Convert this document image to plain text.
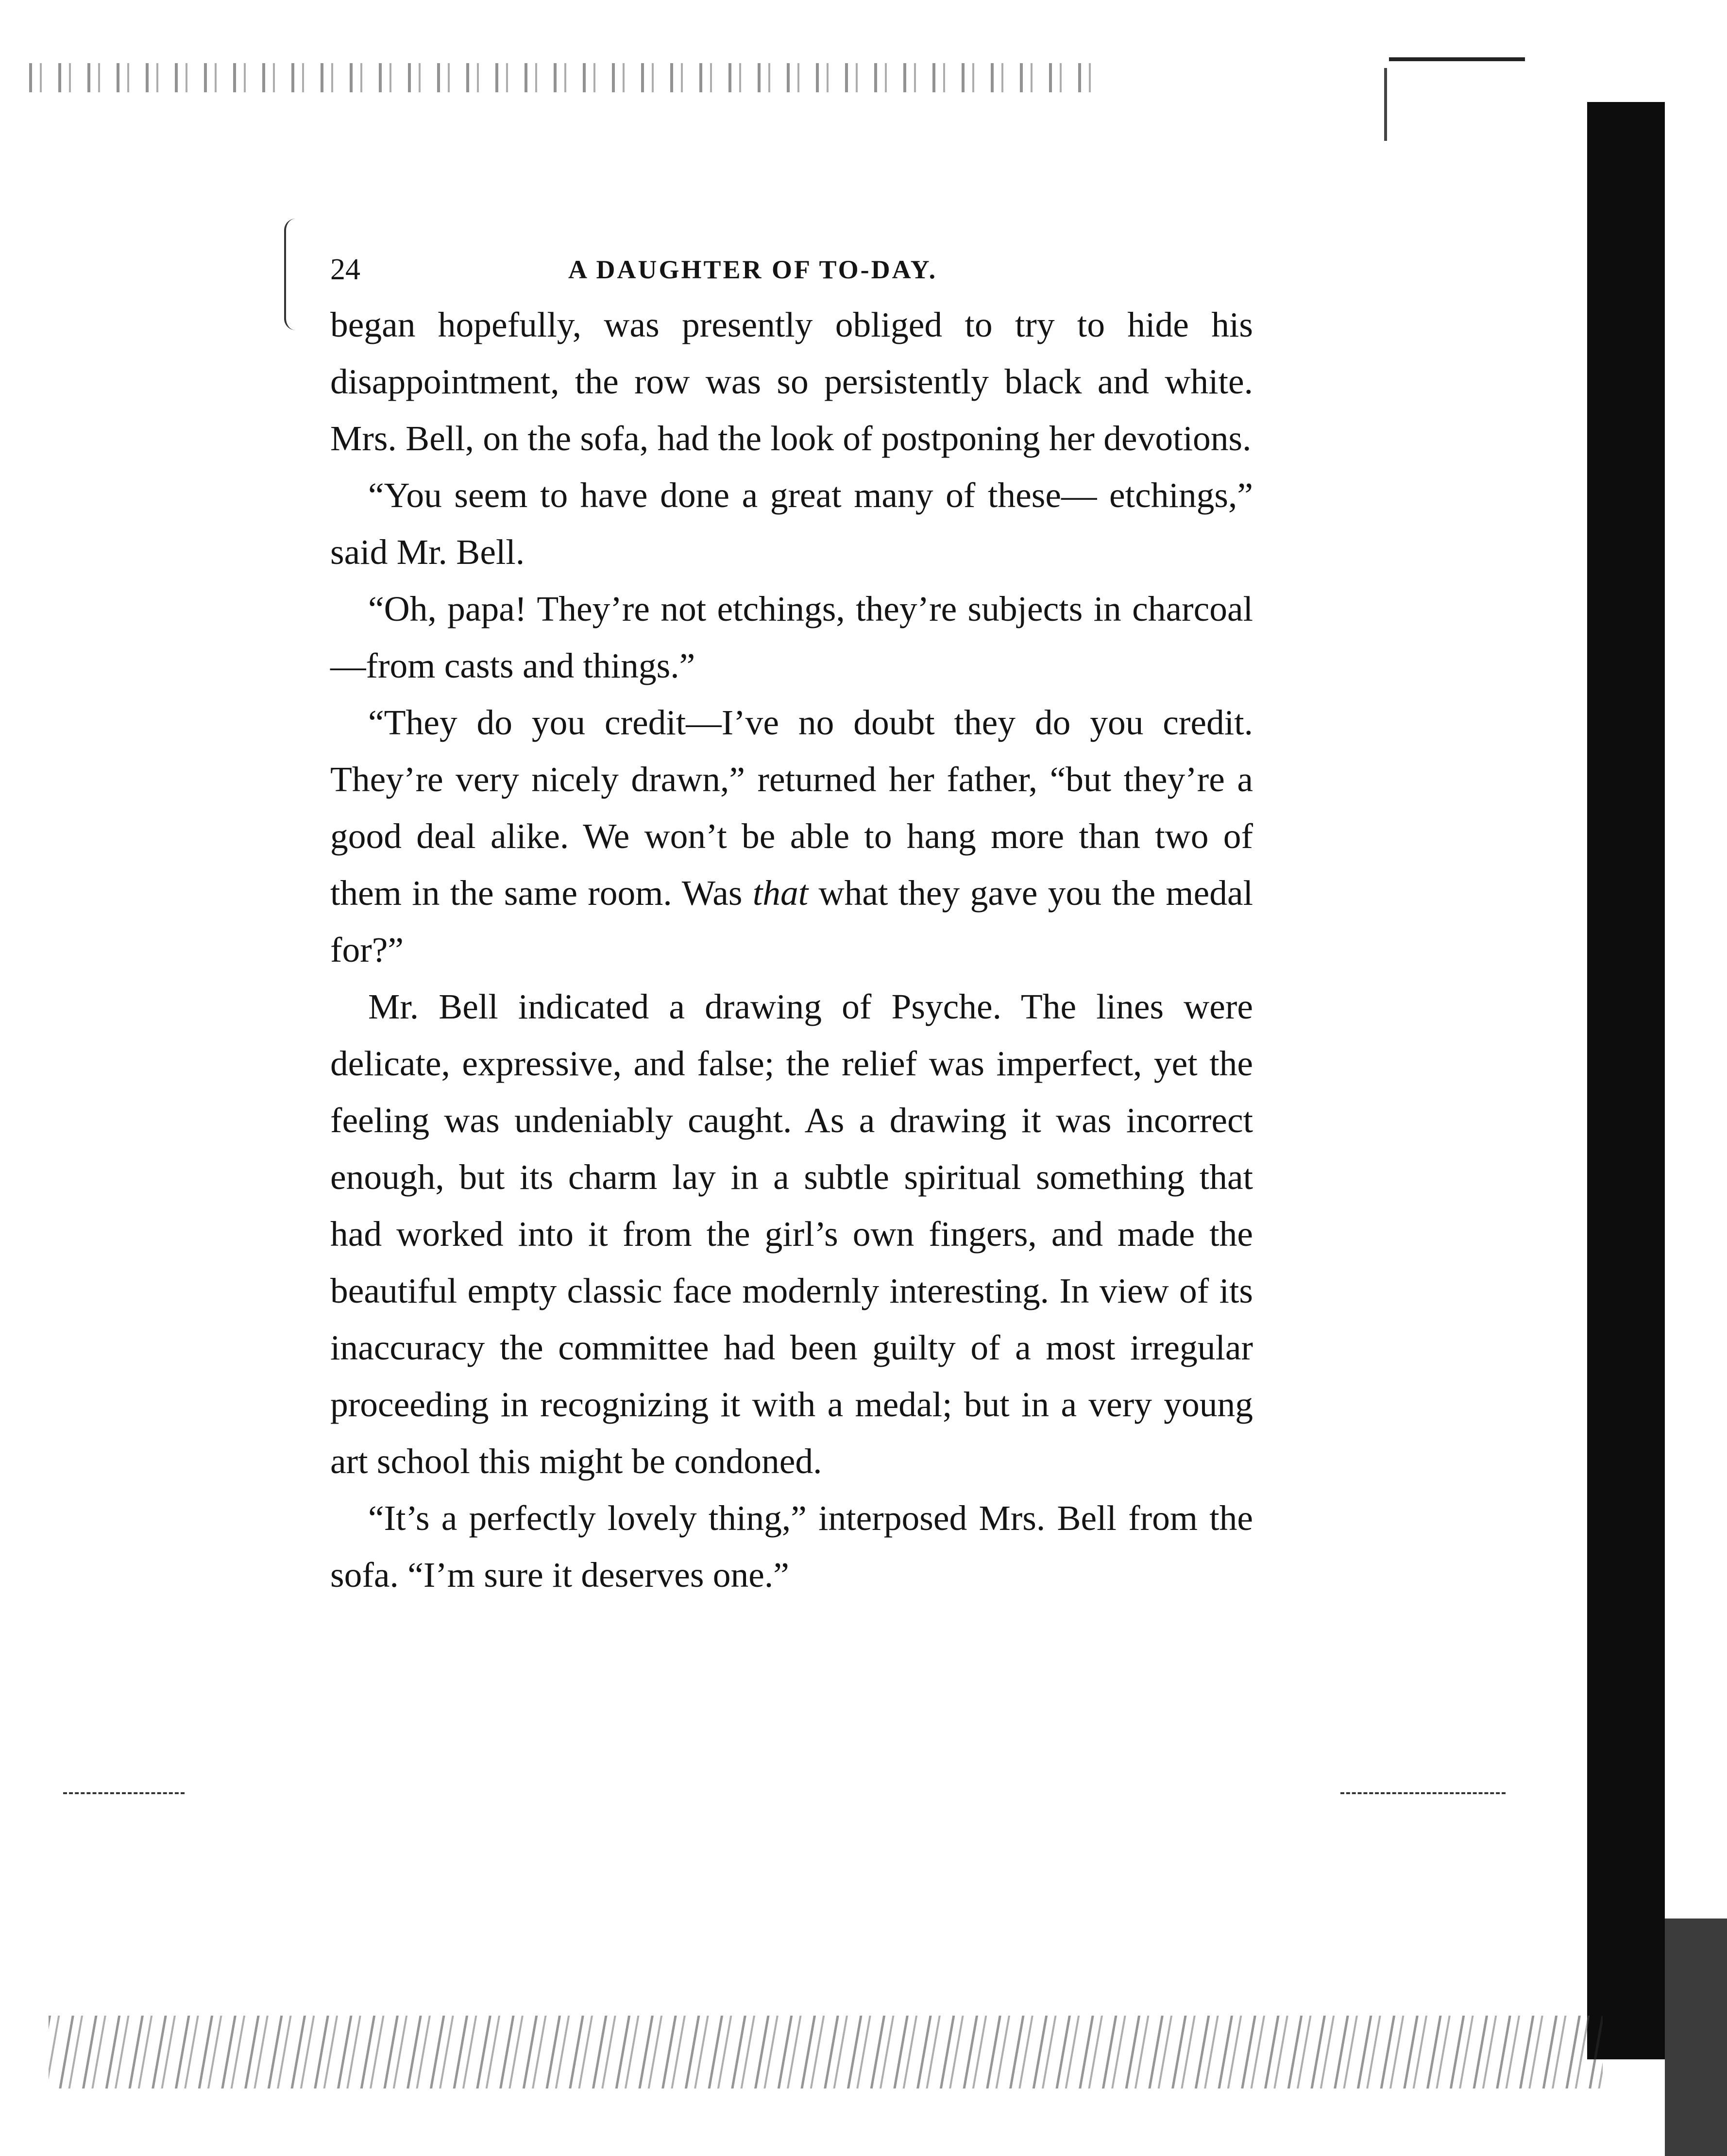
24	A DAUGHTER OF TO-DAY.

began hopefully, was presently obliged to try to hide his disappointment, the row was so persistently black and white. Mrs. Bell, on the sofa, had the look of postponing her devotions.

“You seem to have done a great many of these— etchings,” said Mr. Bell.

“Oh, papa! They’re not etchings, they’re subjects in charcoal—from casts and things.”

“They do you credit—I’ve no doubt they do you credit. They’re very nicely drawn,” returned her father, “but they’re a good deal alike. We won’t be able to hang more than two of them in the same room. Was that what they gave you the medal for?”

Mr. Bell indicated a drawing of Psyche. The lines were delicate, expressive, and false; the relief was imperfect, yet the feeling was undeniably caught. As a drawing it was incorrect enough, but its charm lay in a subtle spiritual something that had worked into it from the girl’s own fingers, and made the beautiful empty classic face modernly interesting. In view of its inaccuracy the committee had been guilty of a most irregular proceeding in recognizing it with a medal; but in a very young art school this might be condoned.

“It’s a perfectly lovely thing,” interposed Mrs. Bell from the sofa. “I’m sure it deserves one.”
